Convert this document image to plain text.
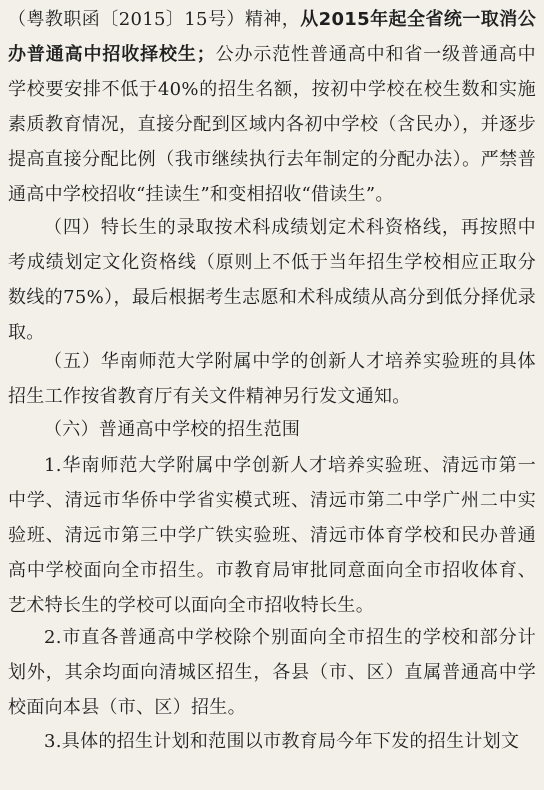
（粤教职函〔2015〕15号）精神，从2015年起全省统一取消公办普通高中招收择校生；公办示范性普通高中和省一级普通高中学校要安排不低于40%的招生名额，按初中学校在校生数和实施素质教育情况，直接分配到区域内各初中学校（含民办），并逐步提高直接分配比例（我市继续执行去年制定的分配办法）。严禁普通高中学校招收“挂读生”和变相招收“借读生”。
（四）特长生的录取按术科成绩划定术科资格线，再按照中考成绩划定文化资格线（原则上不低于当年招生学校相应正取分数线的75%），最后根据考生志愿和术科成绩从高分到低分择优录取。
（五）华南师范大学附属中学的创新人才培养实验班的具体招生工作按省教育厅有关文件精神另行发文通知。
（六）普通高中学校的招生范围
1.华南师范大学附属中学创新人才培养实验班、清远市第一中学、清远市华侨中学省实模式班、清远市第二中学广州二中实验班、清远市第三中学广铁实验班、清远市体育学校和民办普通高中学校面向全市招生。市教育局审批同意面向全市招收体育、艺术特长生的学校可以面向全市招收特长生。
2.市直各普通高中学校除个别面向全市招生的学校和部分计划外，其余均面向清城区招生，各县（市、区）直属普通高中学校面向本县（市、区）招生。
3.具体的招生计划和范围以市教育局今年下发的招生计划文
